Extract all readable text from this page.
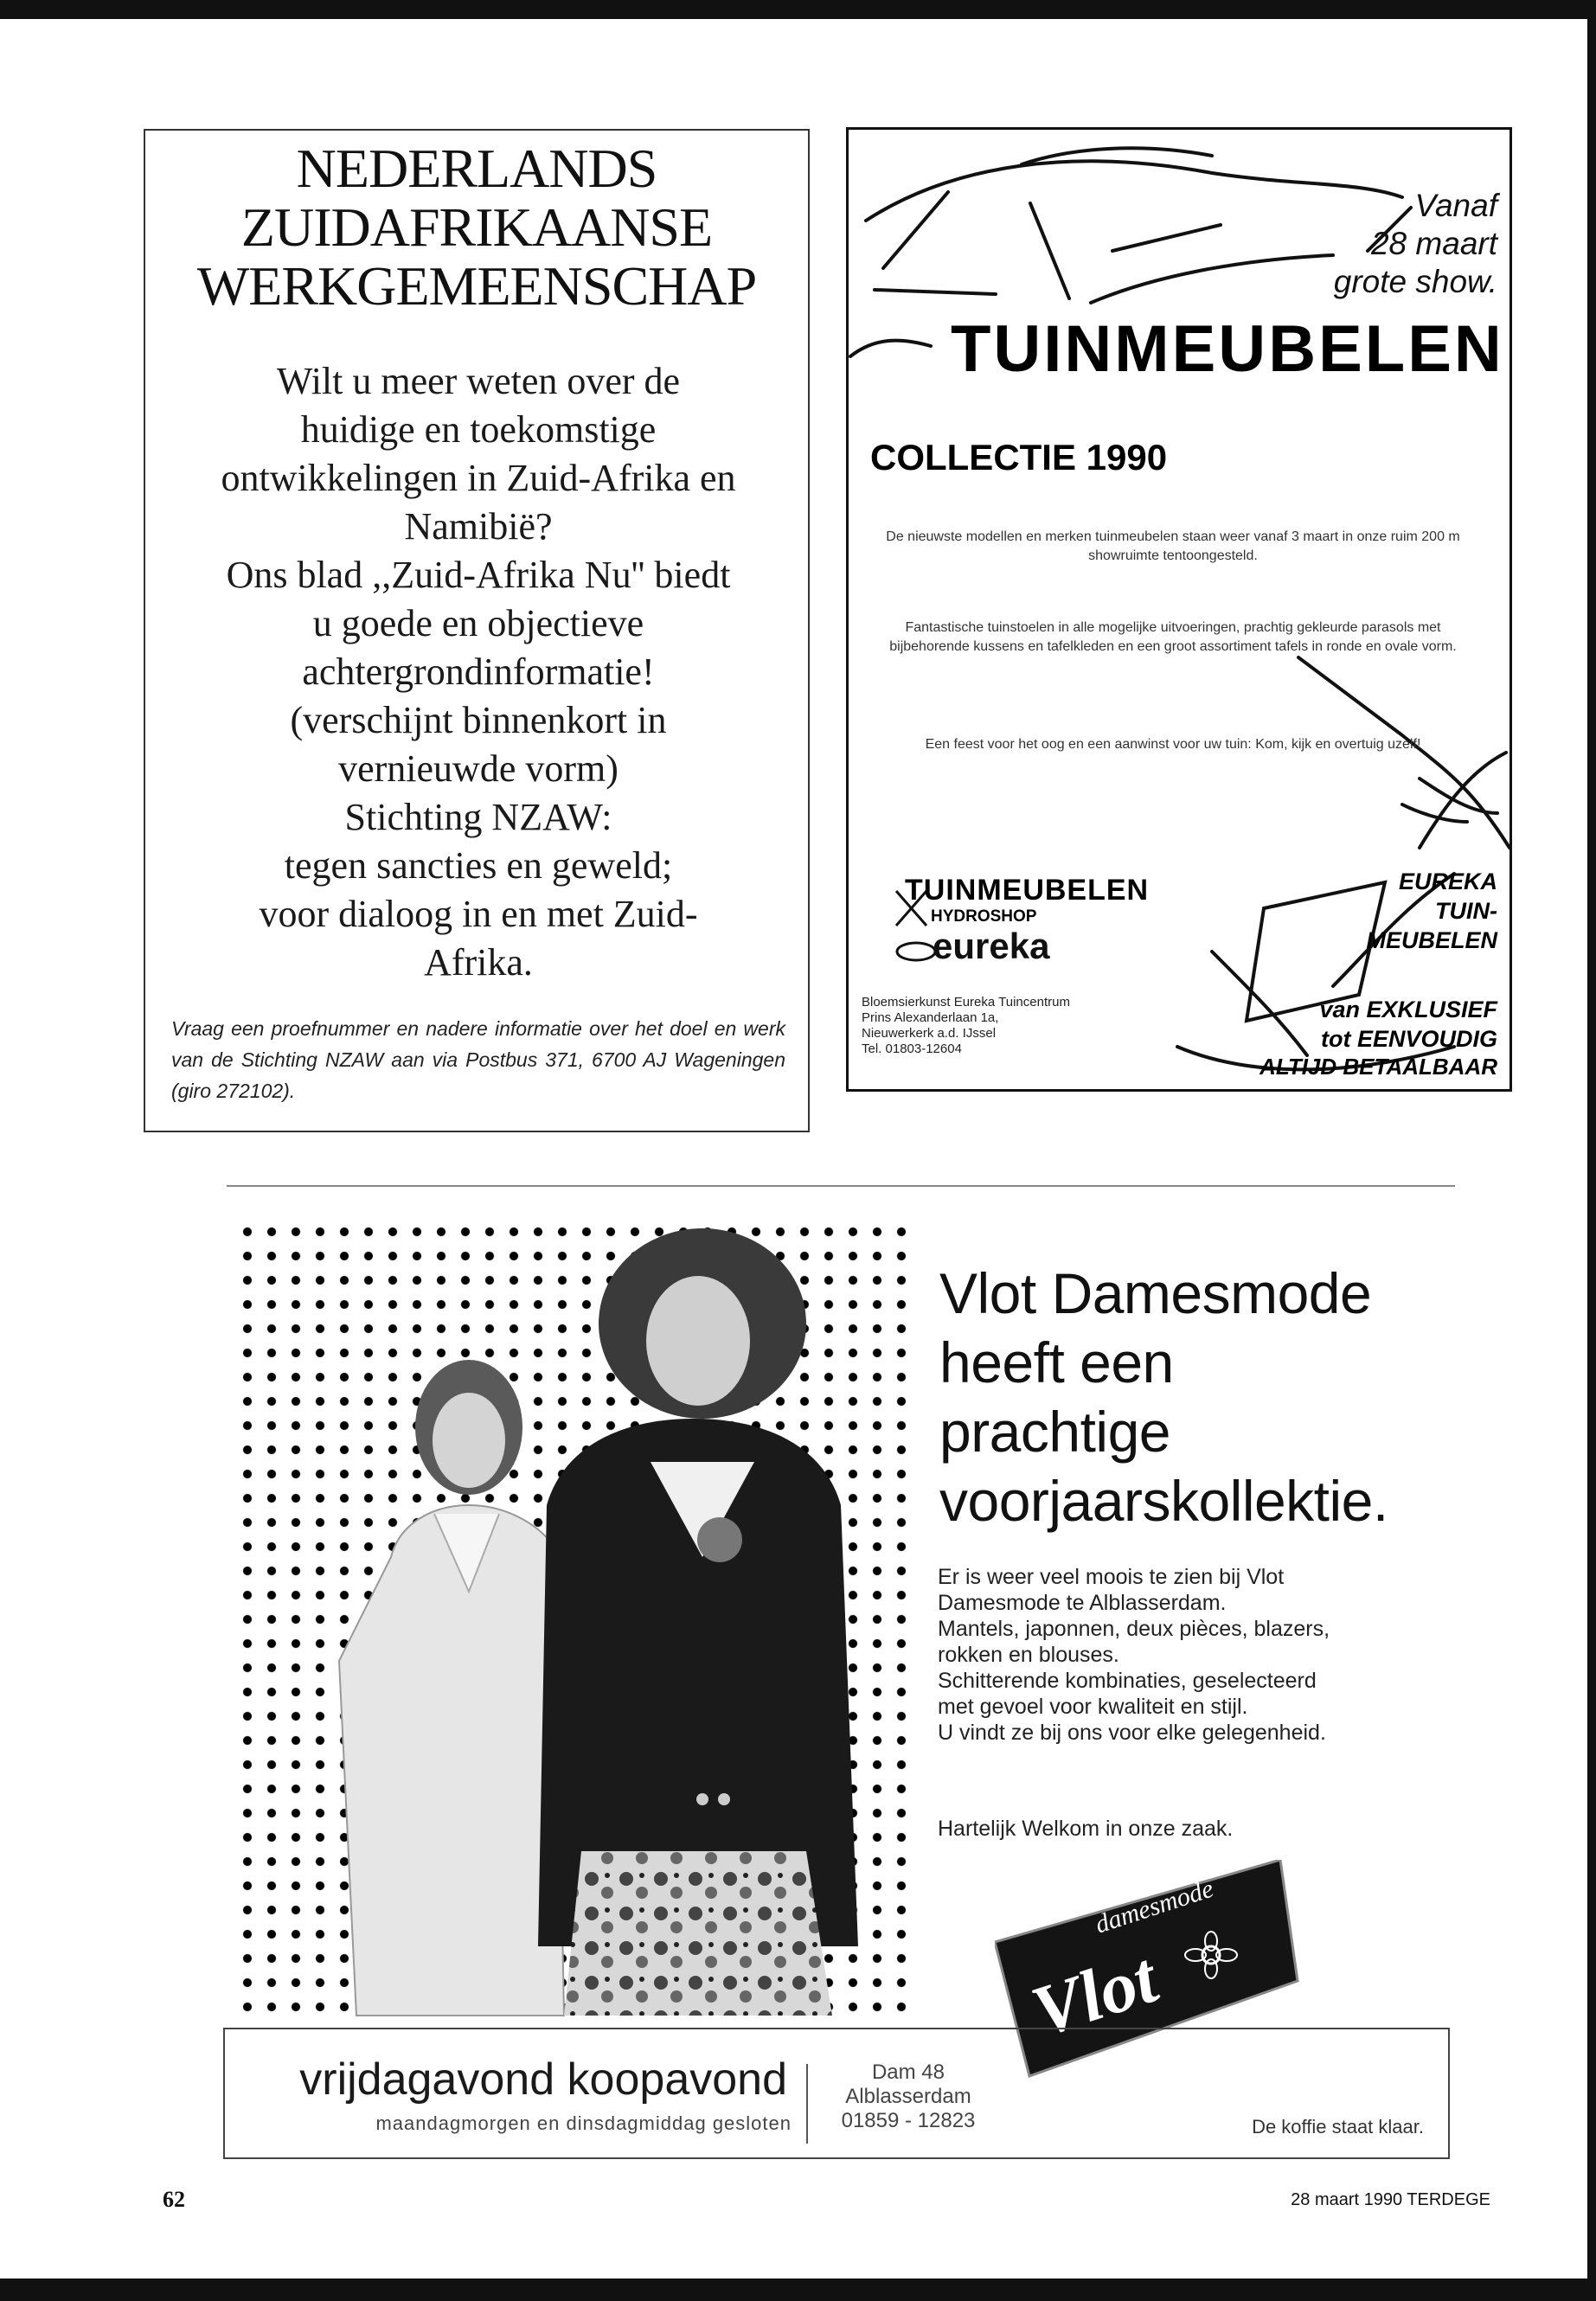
NEDERLANDS
ZUIDAFRIKAANSE
WERKGEMEENSCHAP
Wilt u meer weten over de
huidige en toekomstige
ontwikkelingen in Zuid-Afrika en
Namibië?
Ons blad ,,Zuid-Afrika Nu'' biedt
u goede en objectieve
achtergrondinformatie!
(verschijnt binnenkort in
vernieuwde vorm)
Stichting NZAW:
tegen sancties en geweld;
voor dialoog in en met Zuid-
Afrika.
Vraag een proefnummer en nadere informatie over het doel en werk van de Stichting NZAW aan via Postbus 371, 6700 AJ Wageningen (giro 272102).
Vanaf
28 maart
grote show.
TUINMEUBELEN
COLLECTIE 1990
De nieuwste modellen en merken tuinmeubelen staan weer vanaf 3 maart in onze ruim 200 m showruimte tentoongesteld.
Fantastische tuinstoelen in alle mogelijke uitvoeringen, prachtig gekleurde parasols met bijbehorende kussens en tafelkleden en een groot assortiment tafels in ronde en ovale vorm.
Een feest voor het oog en een aanwinst voor uw tuin: Kom, kijk en overtuig uzelf!
TUINMEUBELEN
HYDROSHOP
eureka
Bloemsierkunst Eureka Tuincentrum
Prins Alexanderlaan 1a,
Nieuwerkerk a.d. IJssel
Tel. 01803-12604
EUREKA
TUIN-
MEUBELEN
van EXKLUSIEF
tot EENVOUDIG
ALTIJD BETAALBAAR
Vlot Damesmode
heeft een
prachtige
voorjaarskollektie.
Er is weer veel moois te zien bij Vlot
Damesmode te Alblasserdam.
Mantels, japonnen, deux pièces, blazers,
rokken en blouses.
Schitterende kombinaties, geselecteerd
met gevoel voor kwaliteit en stijl.
U vindt ze bij ons voor elke gelegenheid.
Hartelijk Welkom in onze zaak.
damesmode
Vlot
vrijdagavond koopavond
maandagmorgen en dinsdagmiddag gesloten
Dam 48
Alblasserdam
01859 - 12823	De koffie staat klaar.
62	28 maart 1990 TERDEGE
